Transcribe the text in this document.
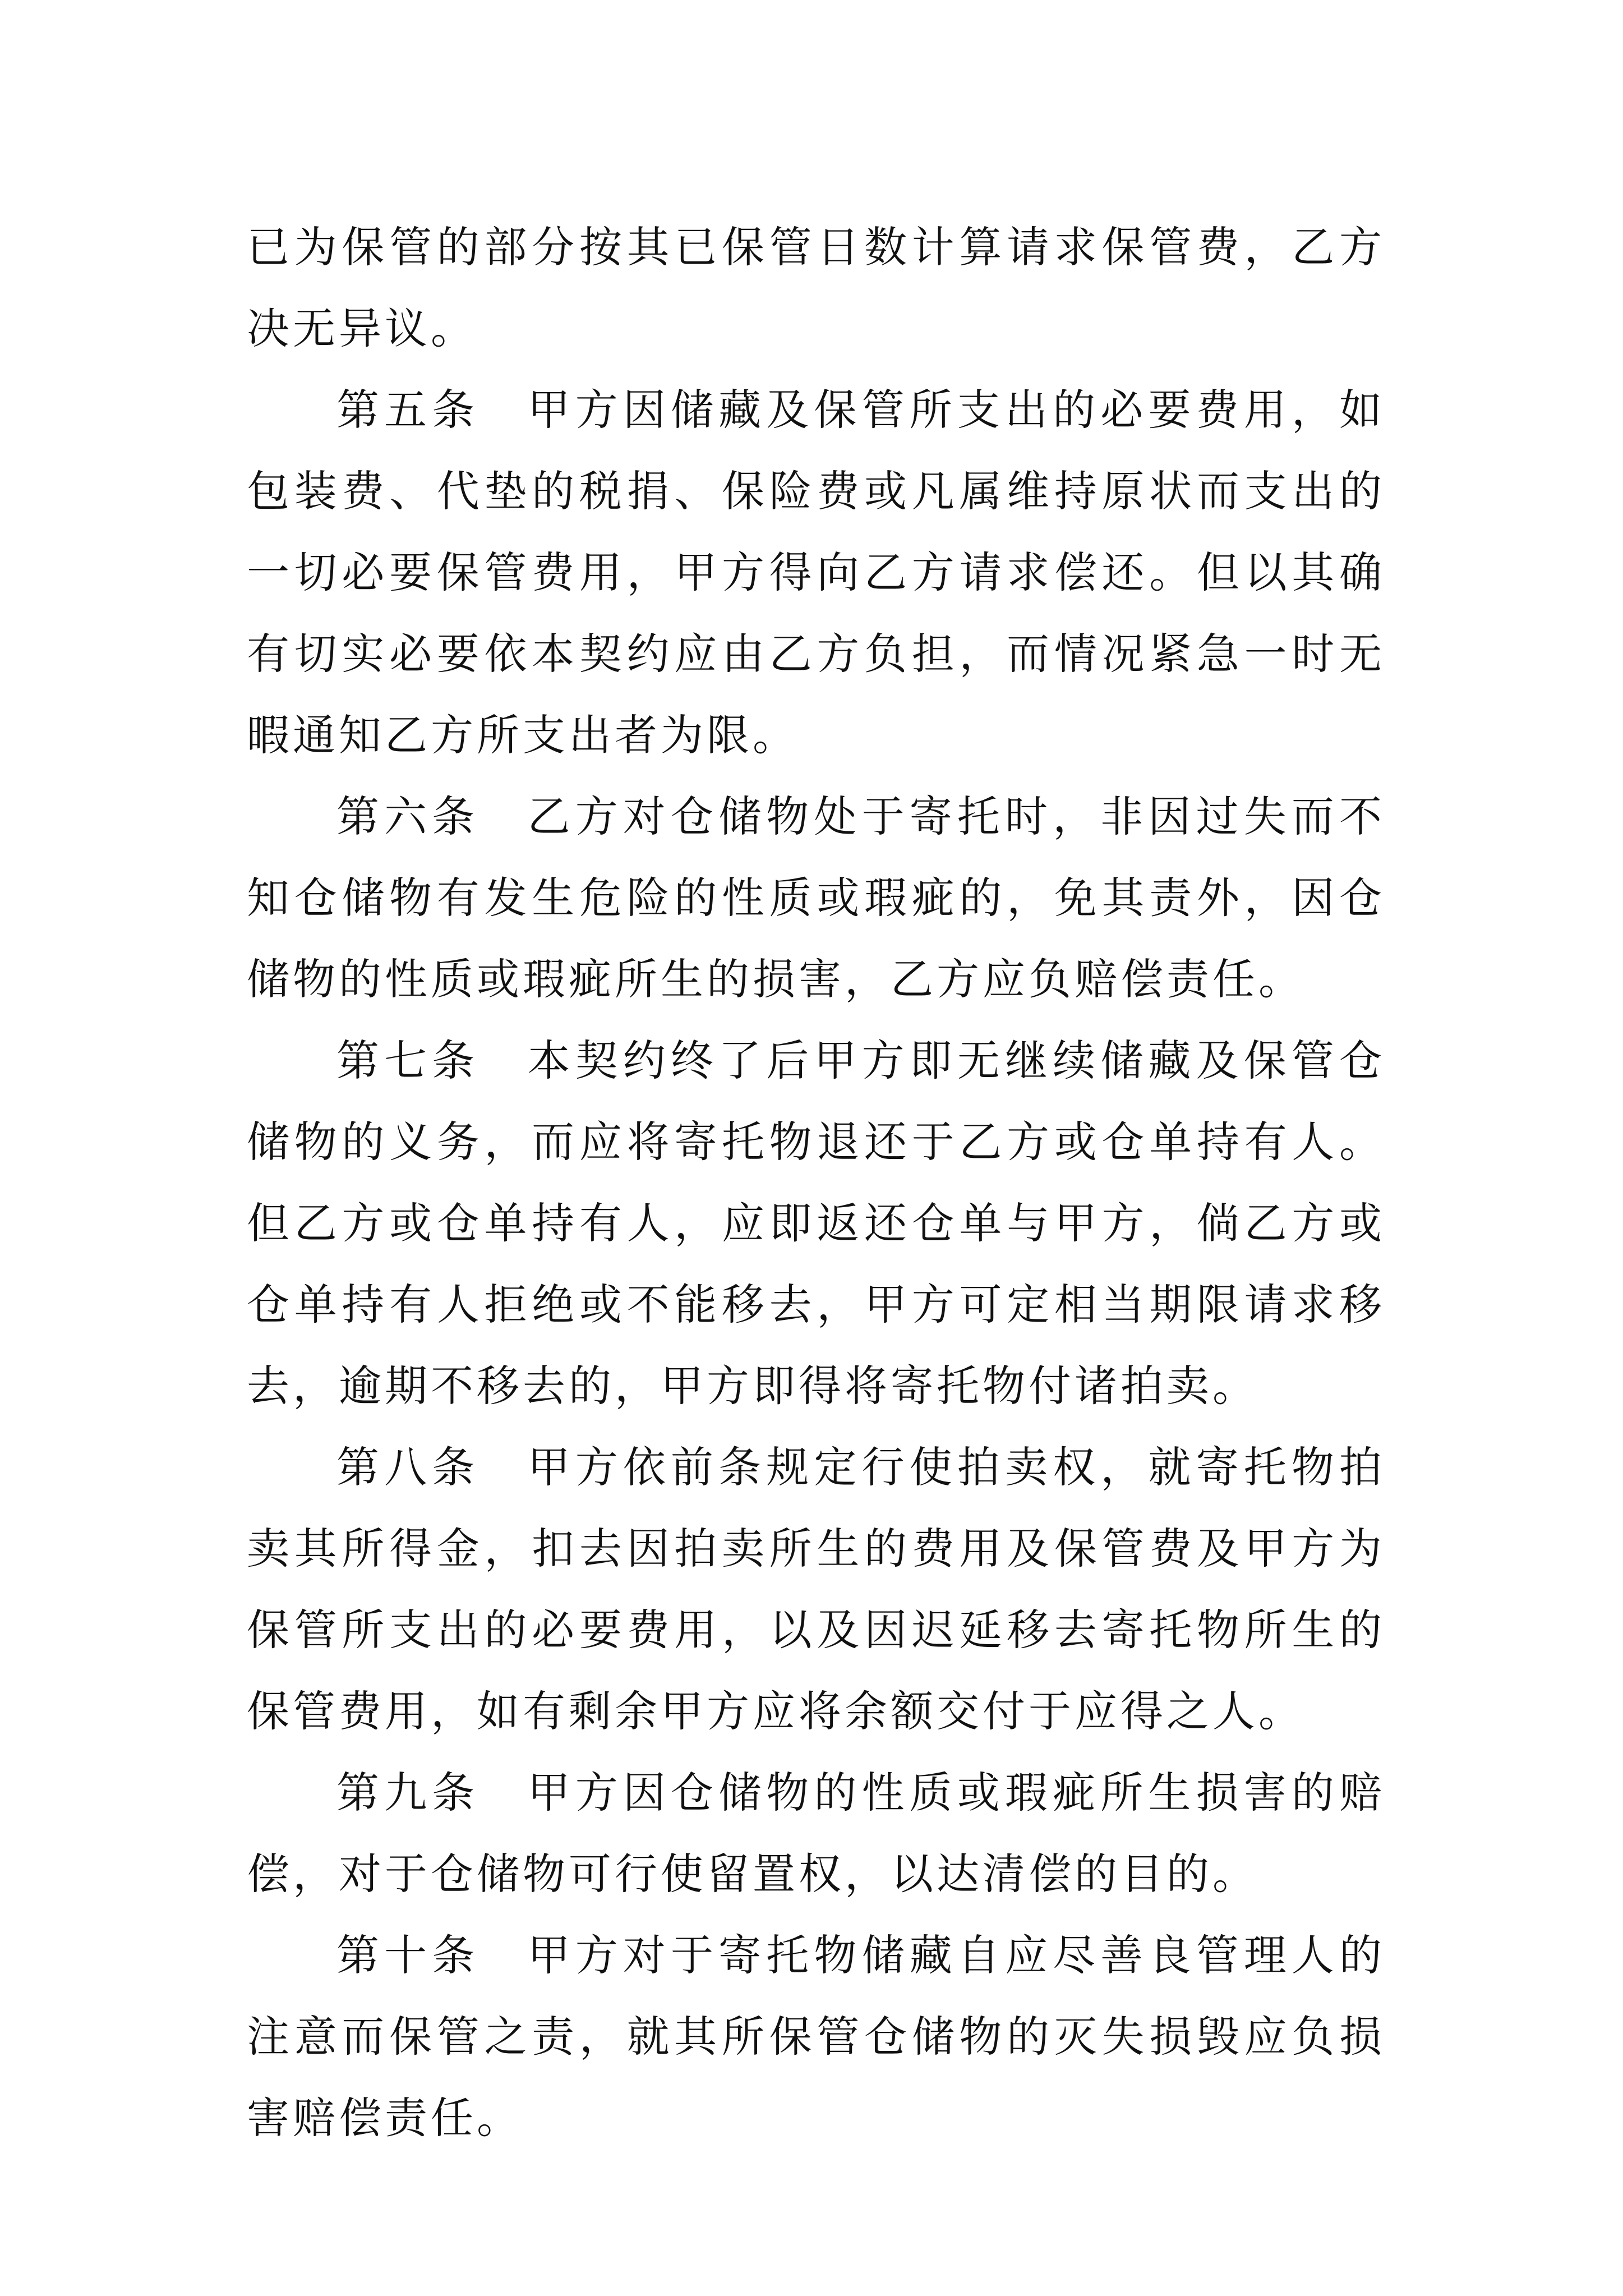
已为保管的部分按其已保管日数计算请求保管费，乙方决无异议。

第五条　甲方因储藏及保管所支出的必要费用，如包装费、代垫的税捐、保险费或凡属维持原状而支出的一切必要保管费用，甲方得向乙方请求偿还。但以其确有切实必要依本契约应由乙方负担，而情况紧急一时无暇通知乙方所支出者为限。

第六条　乙方对仓储物处于寄托时，非因过失而不知仓储物有发生危险的性质或瑕疵的，免其责外，因仓储物的性质或瑕疵所生的损害，乙方应负赔偿责任。

第七条　本契约终了后甲方即无继续储藏及保管仓储物的义务，而应将寄托物退还于乙方或仓单持有人。但乙方或仓单持有人，应即返还仓单与甲方，倘乙方或仓单持有人拒绝或不能移去，甲方可定相当期限请求移去，逾期不移去的，甲方即得将寄托物付诸拍卖。

第八条　甲方依前条规定行使拍卖权，就寄托物拍卖其所得金，扣去因拍卖所生的费用及保管费及甲方为保管所支出的必要费用，以及因迟延移去寄托物所生的保管费用，如有剩余甲方应将余额交付于应得之人。

第九条　甲方因仓储物的性质或瑕疵所生损害的赔偿，对于仓储物可行使留置权，以达清偿的目的。

第十条　甲方对于寄托物储藏自应尽善良管理人的注意而保管之责，就其所保管仓储物的灭失损毁应负损害赔偿责任。
